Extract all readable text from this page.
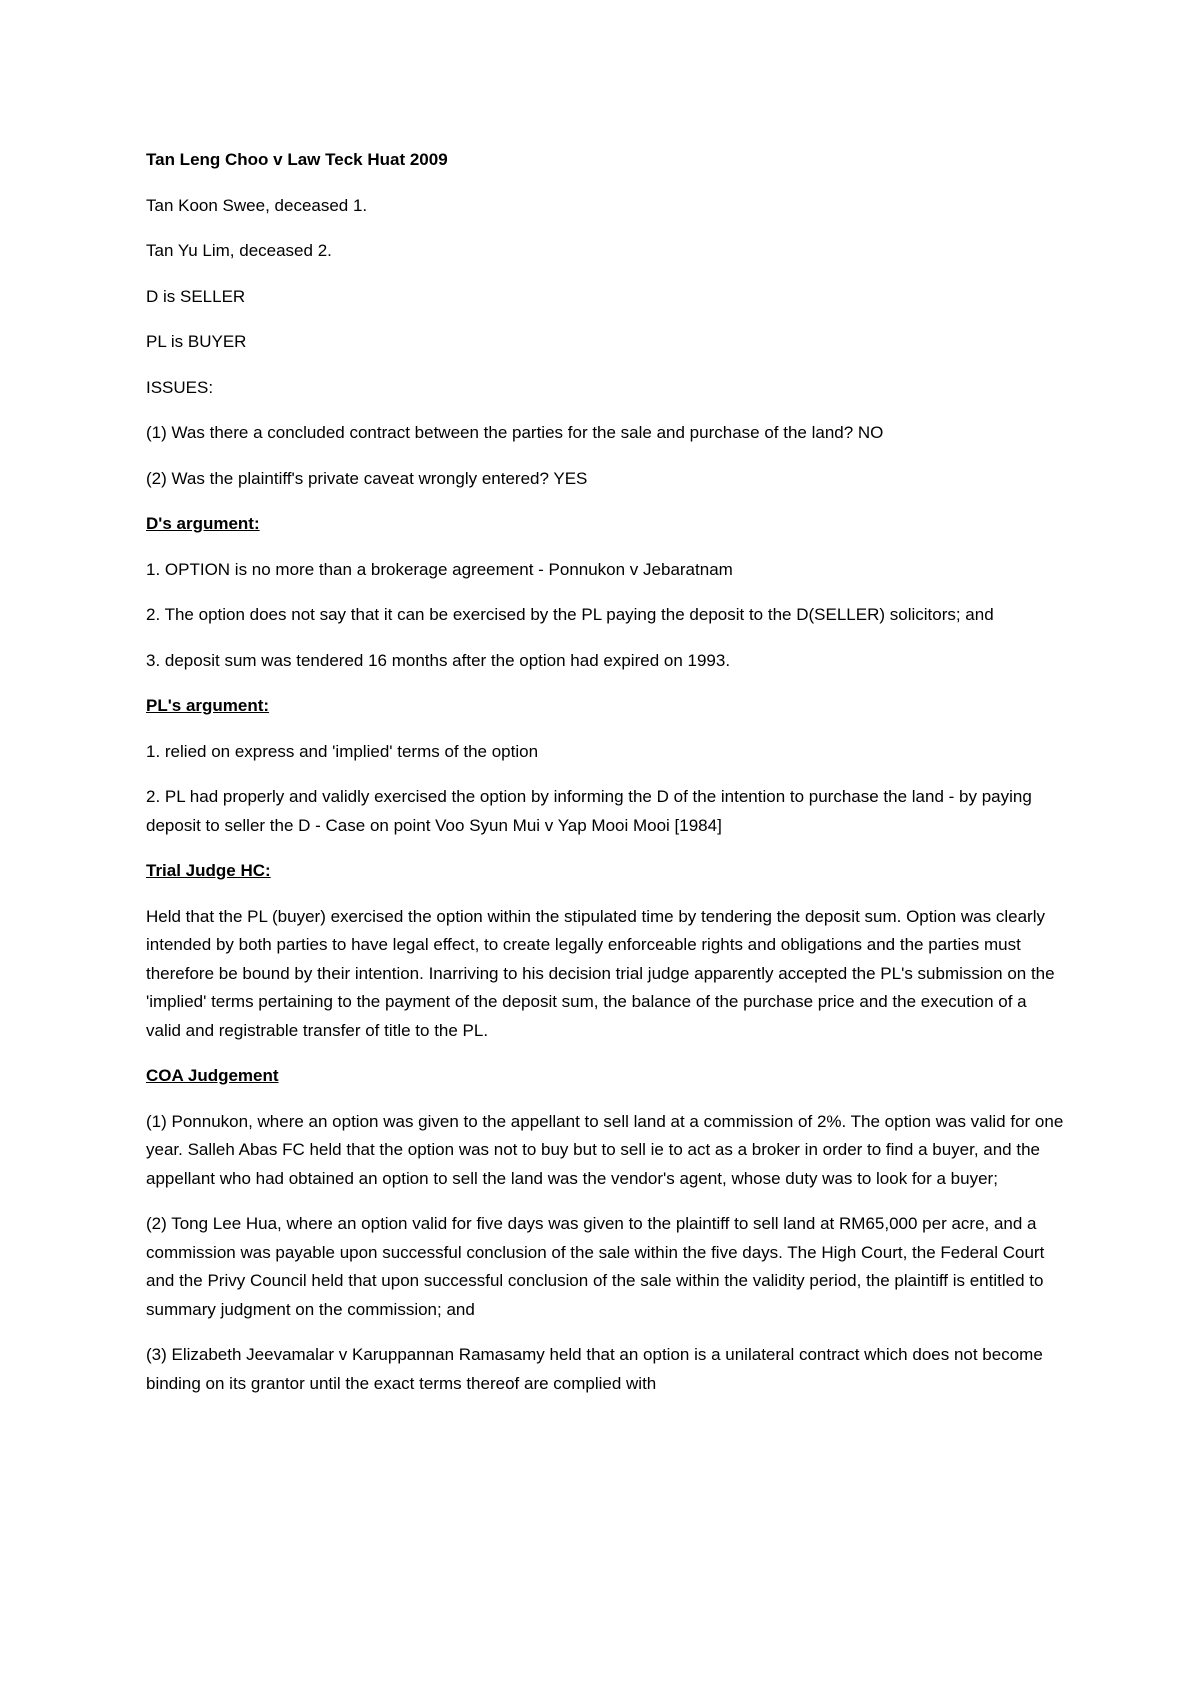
Tan Leng Choo v Law Teck Huat 2009

Tan Koon Swee, deceased 1.

Tan Yu Lim, deceased 2.

D is SELLER

PL is BUYER

ISSUES:

(1) Was there a concluded contract between the parties for the sale and purchase of the land? NO

(2) Was the plaintiff's private caveat wrongly entered? YES

D's argument:

1. OPTION is no more than a brokerage agreement - Ponnukon v Jebaratnam

2. The option does not say that it can be exercised by the PL paying the deposit to the D(SELLER) solicitors; and

3. deposit sum was tendered 16 months after the option had expired on 1993.

PL's argument:

1. relied on express and 'implied' terms of the option

2. PL had properly and validly exercised the option by informing the D of the intention to purchase the land - by paying deposit to seller the D - Case on point Voo Syun Mui v Yap Mooi Mooi [1984]

Trial Judge HC:

Held that the PL (buyer) exercised the option within the stipulated time by tendering the deposit sum. Option was clearly intended by both parties to have legal effect, to create legally enforceable rights and obligations and the parties must therefore be bound by their intention. Inarriving to his decision trial judge apparently accepted the PL's submission on the 'implied' terms pertaining to the payment of the deposit sum, the balance of the purchase price and the execution of a valid and registrable transfer of title to the PL.

COA Judgement

(1) Ponnukon, where an option was given to the appellant to sell land at a commission of 2%. The option was valid for one year. Salleh Abas FC held that the option was not to buy but to sell ie to act as a broker in order to find a buyer, and the appellant who had obtained an option to sell the land was the vendor's agent, whose duty was to look for a buyer;

(2) Tong Lee Hua, where an option valid for five days was given to the plaintiff to sell land at RM65,000 per acre, and a commission was payable upon successful conclusion of the sale within the five days. The High Court, the Federal Court and the Privy Council held that upon successful conclusion of the sale within the validity period, the plaintiff is entitled to summary judgment on the commission; and

(3) Elizabeth Jeevamalar v Karuppannan Ramasamy held that an option is a unilateral contract which does not become binding on its grantor until the exact terms thereof are complied with
